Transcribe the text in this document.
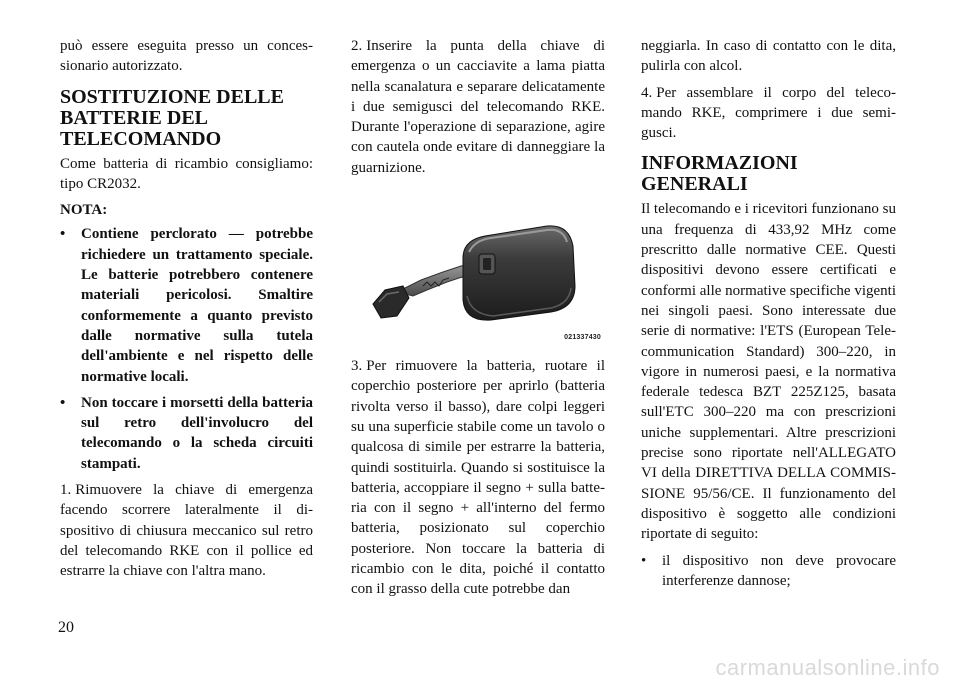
può essere eseguita presso un concessionario autorizzato.

SOSTITUZIONE DELLE BATTERIE DEL TELECOMANDO

Come batteria di ricambio consigliamo: tipo CR2032.

NOTA:
• Contiene perclorato — potrebbe richiedere un trattamento speciale. Le batterie potrebbero contenere materiali pericolosi. Smaltire conformemente a quanto previsto dalle normative sulla tutela dell'ambiente e nel rispetto delle normative locali.
• Non toccare i morsetti della batteria sul retro dell'involucro del telecomando o la scheda circuiti stampati.

1. Rimuovere la chiave di emergenza facendo scorrere lateralmente il dispositivo di chiusura meccanico sul retro del telecomando RKE con il pollice ed estrarre la chiave con l'altra mano.

2. Inserire la punta della chiave di emergenza o un cacciavite a lama piatta nella scanalatura e separare delicatamente i due semigusci del telecomando RKE. Durante l'operazione di separazione, agire con cautela onde evitare di danneggiare la guarnizione.

021337430

3. Per rimuovere la batteria, ruotare il coperchio posteriore per aprirlo (batteria rivolta verso il basso), dare colpi leggeri su una superficie stabile come un tavolo o qualcosa di simile per estrarre la batteria, quindi sostituirla. Quando si sostituisce la batteria, accoppiare il segno + sulla batteria con il segno + all'interno del fermo batteria, posizionato sul coperchio posteriore. Non toccare la batteria di ricambio con le dita, poiché il contatto con il grasso della cute potrebbe dan

neggiarla. In caso di contatto con le dita, pulirla con alcol.

4. Per assemblare il corpo del telecomando RKE, comprimere i due semigusci.

INFORMAZIONI GENERALI

Il telecomando e i ricevitori funzionano su una frequenza di 433,92 MHz come prescritto dalle normative CEE. Questi dispositivi devono essere certificati e conformi alle normative specifiche vigenti nei singoli paesi. Sono interessate due serie di normative: l'ETS (European Telecommunication Standard) 300–220, in vigore in numerosi paesi, e la normativa federale tedesca BZT 225Z125, basata sull'ETC 300–220 ma con prescrizioni uniche supplementari. Altre prescrizioni precise sono riportate nell'ALLEGATO VI della DIRETTIVA DELLA COMMISSIONE 95/56/CE. Il funzionamento del dispositivo è soggetto alle condizioni riportate di seguito:

• il dispositivo non deve provocare interferenze dannose;
20
carmanualsonline.info
